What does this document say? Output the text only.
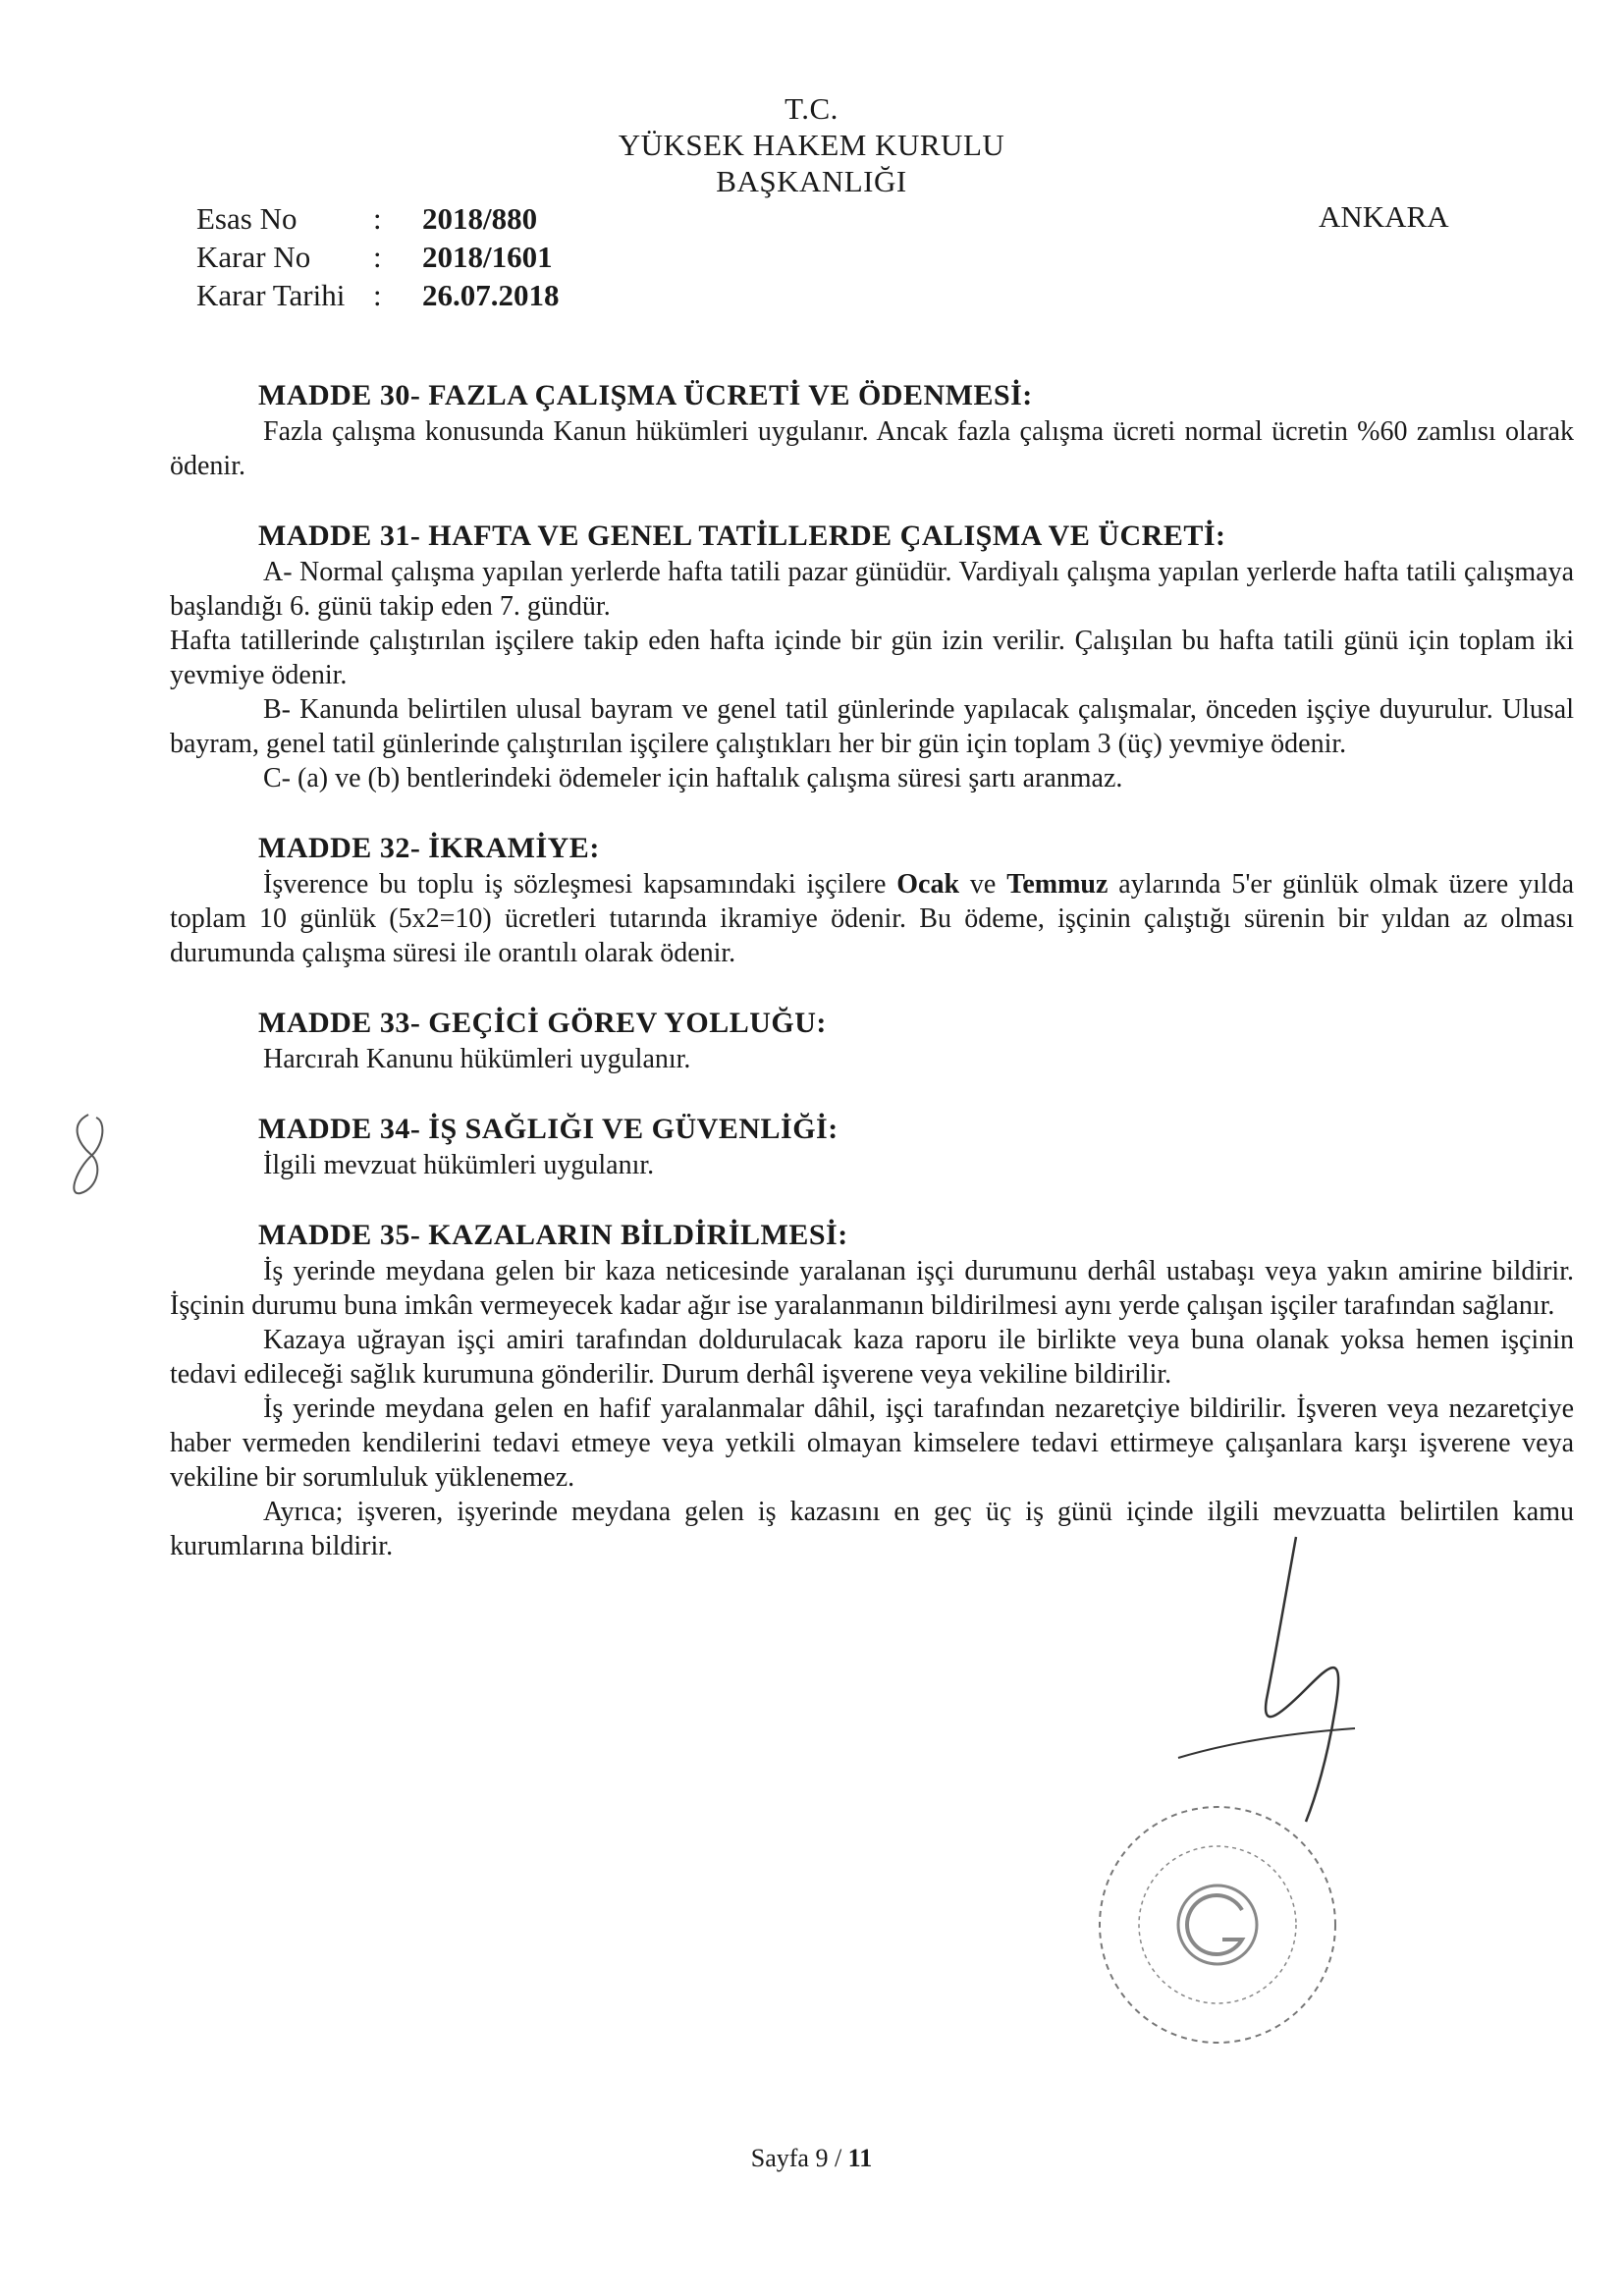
T.C.
YÜKSEK HAKEM KURULU
BAŞKANLIĞI
Esas No	:	2018/880
Karar No	:	2018/1601
Karar Tarihi :	26.07.2018
ANKARA
MADDE 30- FAZLA ÇALIŞMA ÜCRETİ VE ÖDENMESİ:

Fazla çalışma konusunda Kanun hükümleri uygulanır. Ancak fazla çalışma ücreti normal ücretin %60 zamlısı olarak ödenir.

MADDE 31- HAFTA VE GENEL TATİLLERDE ÇALIŞMA VE ÜCRETİ:

A- Normal çalışma yapılan yerlerde hafta tatili pazar günüdür. Vardiyalı çalışma yapılan yerlerde hafta tatili çalışmaya başlandığı 6. günü takip eden 7. gündür.

Hafta tatillerinde çalıştırılan işçilere takip eden hafta içinde bir gün izin verilir. Çalışılan bu hafta tatili günü için toplam iki yevmiye ödenir.

B- Kanunda belirtilen ulusal bayram ve genel tatil günlerinde yapılacak çalışmalar, önceden işçiye duyurulur. Ulusal bayram, genel tatil günlerinde çalıştırılan işçilere çalıştıkları her bir gün için toplam 3 (üç) yevmiye ödenir.

C- (a) ve (b) bentlerindeki ödemeler için haftalık çalışma süresi şartı aranmaz.

MADDE 32- İKRAMİYE:

İşverence bu toplu iş sözleşmesi kapsamındaki işçilere Ocak ve Temmuz aylarında 5'er günlük olmak üzere yılda toplam 10 günlük (5x2=10) ücretleri tutarında ikramiye ödenir. Bu ödeme, işçinin çalıştığı sürenin bir yıldan az olması durumunda çalışma süresi ile orantılı olarak ödenir.

MADDE 33- GEÇİCİ GÖREV YOLLUĞU:

Harcırah Kanunu hükümleri uygulanır.

MADDE 34- İŞ SAĞLIĞI VE GÜVENLİĞİ:

İlgili mevzuat hükümleri uygulanır.

MADDE 35- KAZALARIN BİLDİRİLMESİ:

İş yerinde meydana gelen bir kaza neticesinde yaralanan işçi durumunu derhâl ustabaşı veya yakın amirine bildirir. İşçinin durumu buna imkân vermeyecek kadar ağır ise yaralanmanın bildirilmesi aynı yerde çalışan işçiler tarafından sağlanır.

Kazaya uğrayan işçi amiri tarafından doldurulacak kaza raporu ile birlikte veya buna olanak yoksa hemen işçinin tedavi edileceği sağlık kurumuna gönderilir. Durum derhâl işverene veya vekiline bildirilir.

İş yerinde meydana gelen en hafif yaralanmalar dâhil, işçi tarafından nezaretçiye bildirilir. İşveren veya nezaretçiye haber vermeden kendilerini tedavi etmeye veya yetkili olmayan kimselere tedavi ettirmeye çalışanlara karşı işverene veya vekiline bir sorumluluk yüklenemez.

Ayrıca; işveren, işyerinde meydana gelen iş kazasını en geç üç iş günü içinde ilgili mevzuatta belirtilen kamu kurumlarına bildirir.

Sayfa 9 / 11
